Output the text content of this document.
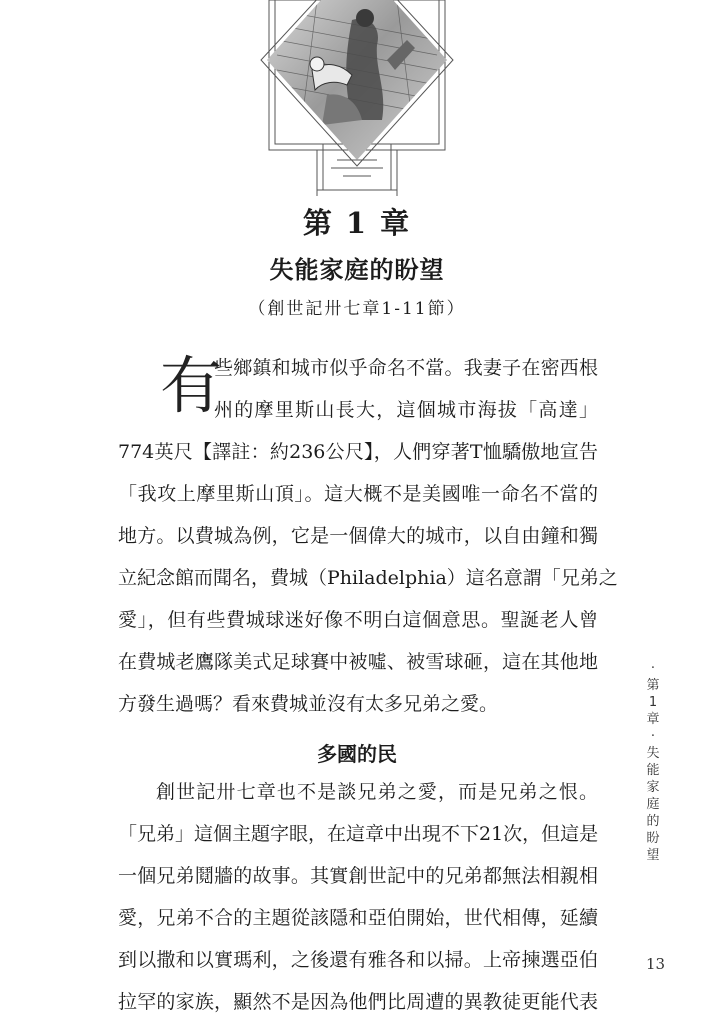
第 1 章
失能家庭的盼望
（創世記卅七章1-11節）
有
些鄉鎮和城市似乎命名不當。我妻子在密西根
州的摩里斯山長大，這個城市海拔「高達」
774英尺【譯註：約236公尺】，人們穿著T恤驕傲地宣告
「我攻上摩里斯山頂」。這大概不是美國唯一命名不當的
地方。以費城為例，它是一個偉大的城市，以自由鐘和獨
立紀念館而聞名，費城（Philadelphia）這名意謂「兄弟之
愛」，但有些費城球迷好像不明白這個意思。聖誕老人曾
在費城老鷹隊美式足球賽中被噓、被雪球砸，這在其他地
方發生過嗎？看來費城並沒有太多兄弟之愛。
多國的民
創世記卅七章也不是談兄弟之愛，而是兄弟之恨。
「兄弟」這個主題字眼，在這章中出現不下21次，但這是
一個兄弟鬩牆的故事。其實創世記中的兄弟都無法相親相
愛，兄弟不合的主題從該隱和亞伯開始，世代相傳，延續
到以撒和以實瑪利，之後還有雅各和以掃。上帝揀選亞伯
拉罕的家族，顯然不是因為他們比周遭的異教徒更能代表
·
第
1
章
·
失
能
家
庭
的
盼
望
13
